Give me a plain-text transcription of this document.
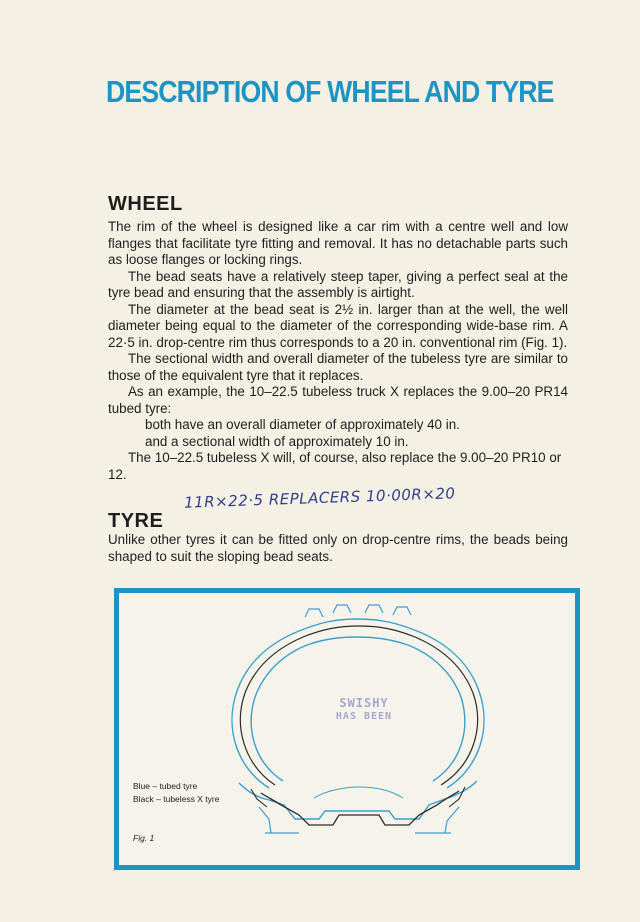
DESCRIPTION OF WHEEL AND TYRE
WHEEL

The rim of the wheel is designed like a car rim with a centre well and low flanges that facilitate tyre fitting and removal. It has no detachable parts such as loose flanges or locking rings.

The bead seats have a relatively steep taper, giving a perfect seal at the tyre bead and ensuring that the assembly is airtight.

The diameter at the bead seat is 2½ in. larger than at the well, the well diameter being equal to the diameter of the corresponding wide-base rim. A 22·5 in. drop-centre rim thus corresponds to a 20 in. conventional rim (Fig. 1).

The sectional width and overall diameter of the tubeless tyre are similar to those of the equivalent tyre that it replaces.

As an example, the 10–22.5 tubeless truck X replaces the 9.00–20 PR14 tubed tyre:

both have an overall diameter of approximately 40 in.

and a sectional width of approximately 10 in.

The 10–22.5 tubeless X will, of course, also replace the 9.00–20 PR10 or 12.

11R×22·5 REPLACERS 10·00R×20
TYRE

Unlike other tyres it can be fitted only on drop-centre rims, the beads being shaped to suit the sloping bead seats.

SWISHY
HAS BEEN
Blue – tubed tyre
Black – tubeless X tyre
Fig. 1
